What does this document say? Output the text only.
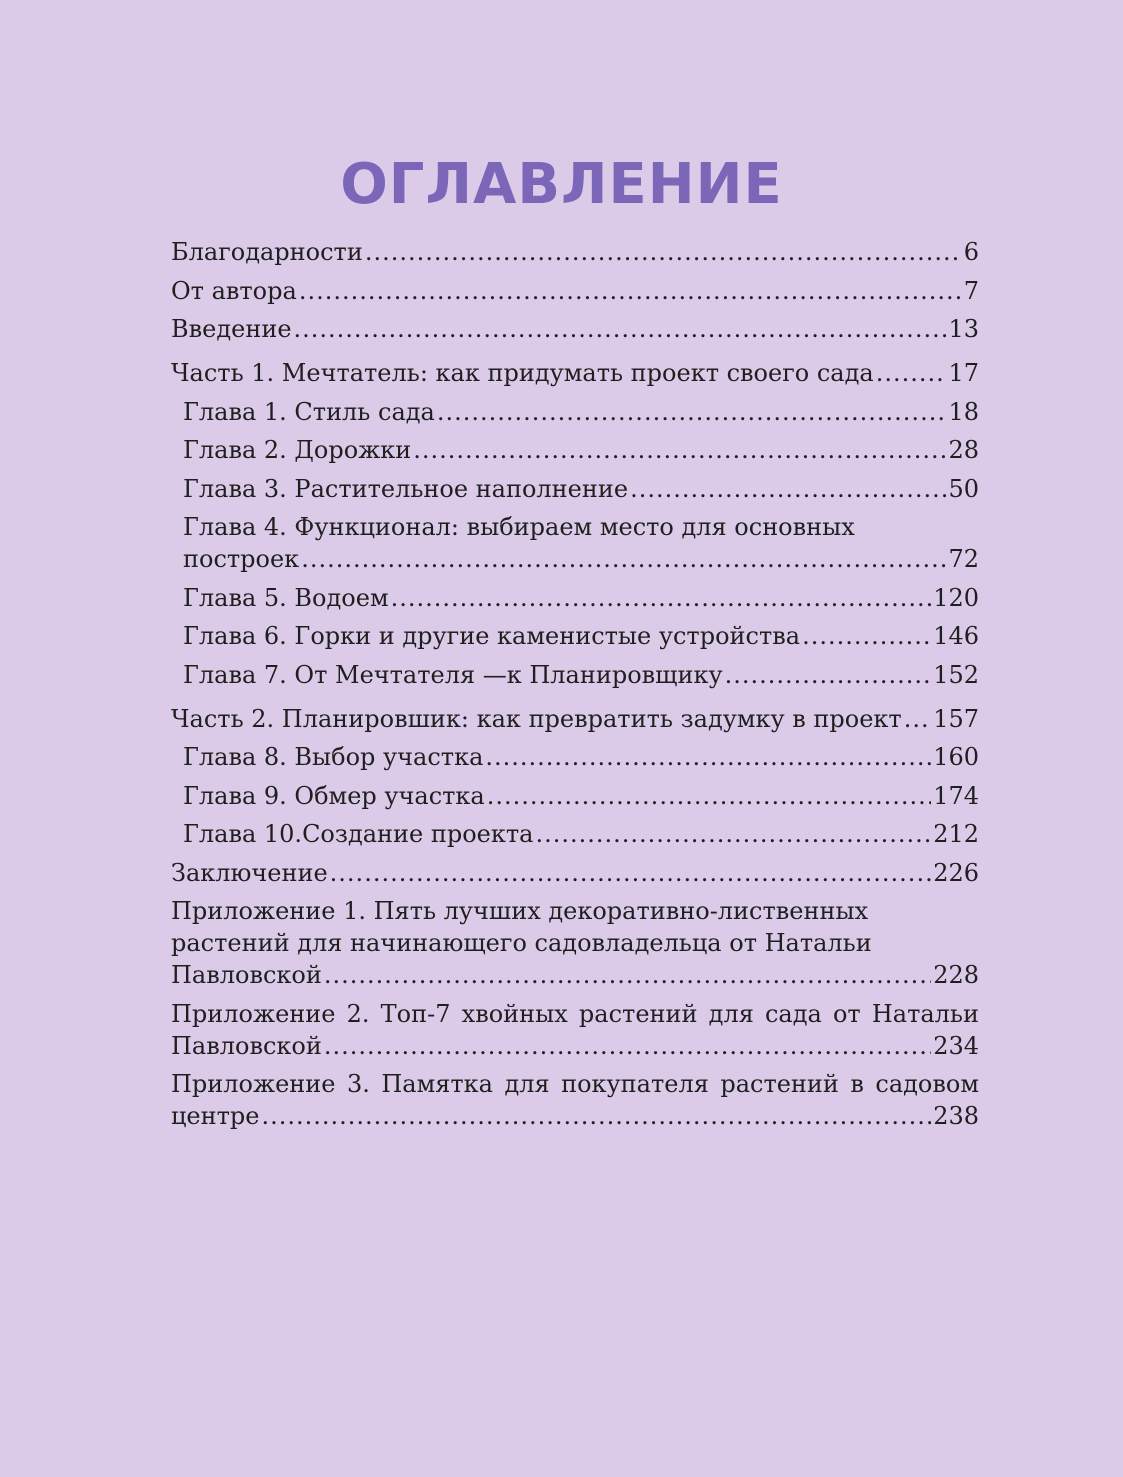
ОГЛАВЛЕНИЕ
Благодарности .....	6
От автора .....	7
Введение .....	13
Часть 1. Мечтатель: как придумать проект своего сада .....	17
Глава 1. Стиль сада .....	18
Глава 2. Дорожки .....	28
Глава 3. Растительное наполнение .....	50
Глава 4. Функционал: выбираем место для основных
построек .....	72
Глава 5. Водоем .....	120
Глава 6. Горки и другие каменистые устройства .....	146
Глава 7. От Мечтателя —к Планировщику .....	152
Часть 2. Планировшик: как превратить задумку в проект ..... 157
Глава 8. Выбор участка .....	160
Глава 9. Обмер участка .....	174
Глава 10.Создание проекта .....	212
Заключение .....	226
Приложение 1. Пять лучших декоративно-лиственных
растений для начинающего садовладельца от Натальи
Павловской .....	228
Приложение 2. Топ-7 хвойных растений для сада от Натальи
Павловской .....	234
Приложение 3. Памятка для покупателя растений в садовом
центре .....	238
